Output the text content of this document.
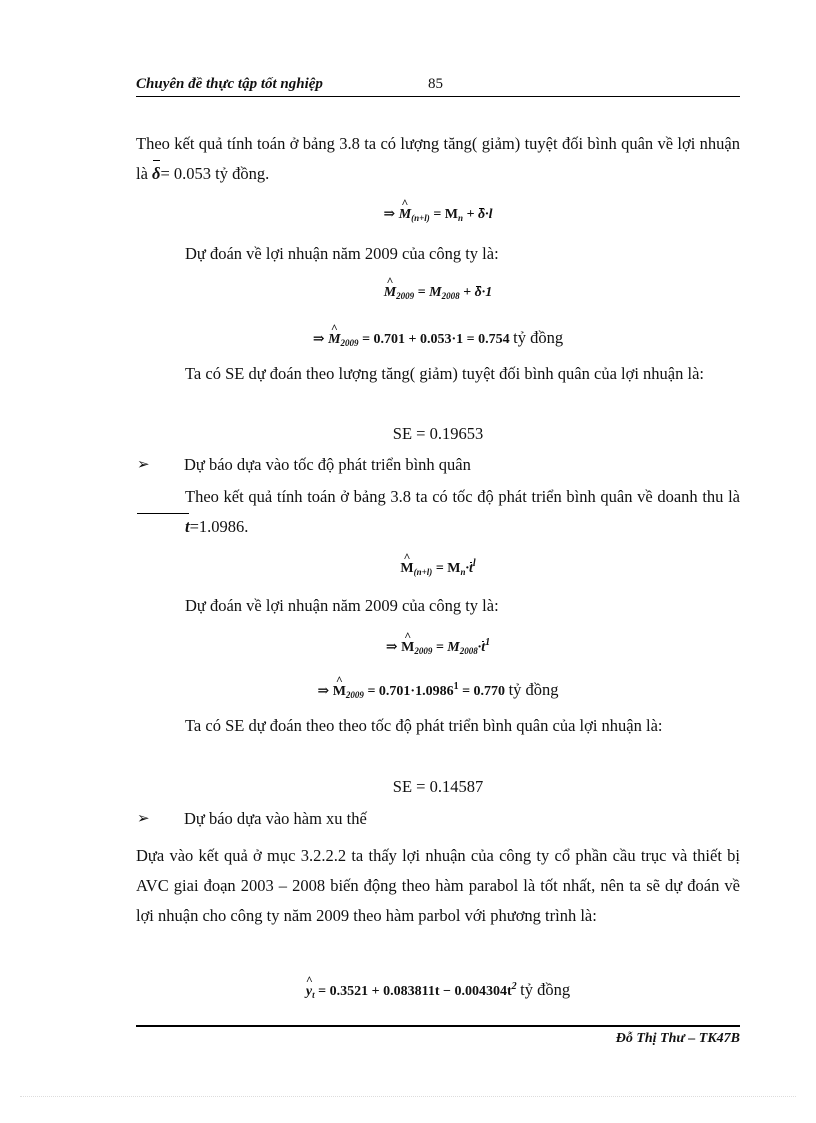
Chuyên đề thực tập tốt nghiệp	85
Theo kết quả tính toán ở bảng 3.8 ta có lượng tăng( giảm) tuyệt đối bình quân về lợi nhuận là δ= 0.053 tỷ đồng.
⇒ ^ $M_{(n+l)} = M_n + \delta\cdot l$
Dự đoán về lợi nhuận năm 2009 của công ty là:
^ $M_{2009} = M_{2008} + \delta\cdot 1$
⇒ ^ $M_{2009} = 0.701 + 0.053\cdot 1 = 0.754$ tỷ đồng
Ta có SE dự đoán theo lượng tăng( giảm) tuyệt đối bình quân của lợi nhuận là:
SE = 0.19653
➢ Dự báo dựa vào tốc độ phát triển bình quân
Theo kết quả tính toán ở bảng 3.8 ta có tốc độ phát triển bình quân về doanh thu là t=1.0986.
^ $M_{(n+l)} = M_n\cdot t^l$
Dự đoán về lợi nhuận năm 2009 của công ty là:
⇒ ^ $M_{2009} = M_{2008}\cdot t^1$
⇒ ^ $M_{2009} = 0.701\cdot 1.0986^1 = 0.770$ tỷ đồng
Ta có SE dự đoán theo theo tốc độ phát triển bình quân của lợi nhuận là:
SE = 0.14587
➢ Dự báo dựa vào hàm xu thế
Dựa vào kết quả ở mục 3.2.2.2 ta thấy lợi nhuận của công ty cổ phần cầu trục và thiết bị AVC giai đoạn 2003 – 2008 biến động theo hàm parabol là tốt nhất, nên ta sẽ dự đoán về lợi nhuận cho công ty năm 2009 theo hàm parbol với phương trình là:
^ $y_t = 0.3521 + 0.083811t - 0.004304t^2$ tỷ đồng
Đỗ Thị Thư – TK47B
